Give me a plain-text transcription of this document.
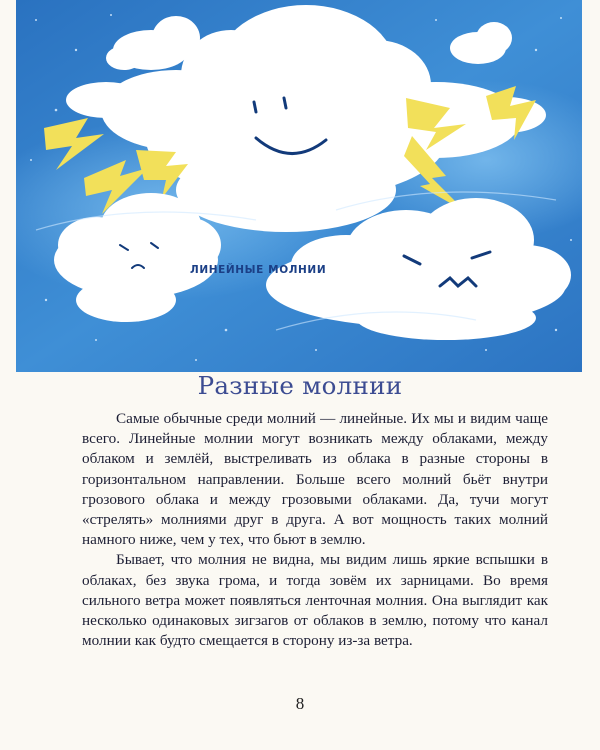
ЛИНЕЙНЫЕ МОЛНИИ
Разные молнии

Самые обычные среди молний — линейные. Их мы и видим чаще всего. Линейные молнии могут возникать между облаками, между облаком и землёй, выстреливать из облака в разные стороны в горизонтальном направлении. Больше всего молний бьёт внутри грозового облака и между грозовыми облаками. Да, тучи могут «стрелять» молниями друг в друга. А вот мощность таких молний намного ниже, чем у тех, что бьют в землю.

Бывает, что молния не видна, мы видим лишь яркие вспышки в облаках, без звука грома, и тогда зовём их зарницами. Во время сильного ветра может появляться ленточная молния. Она выглядит как несколько одинаковых зигзагов от облаков в землю, потому что канал молнии как будто смещается в сторону из-за ветра.

8
